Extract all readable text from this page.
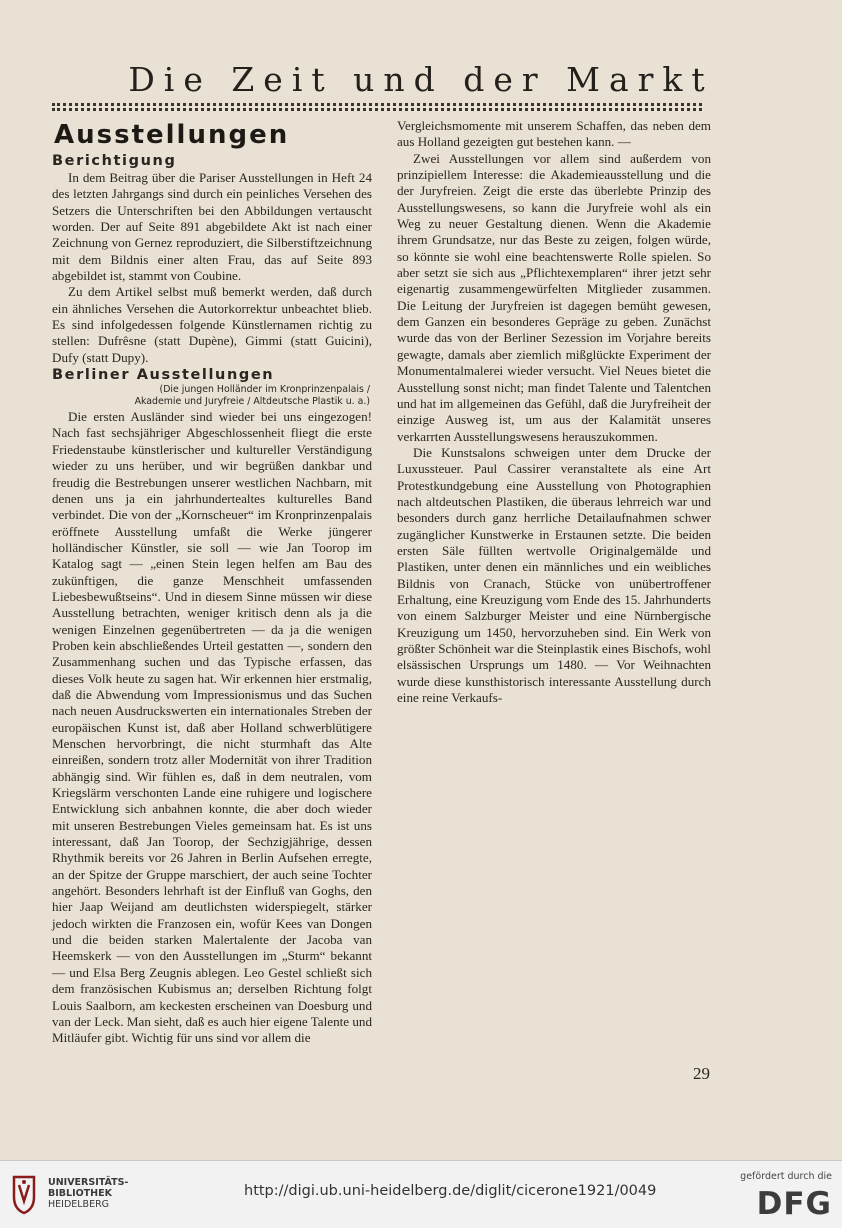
Die Zeit und der Markt
Ausstellungen
Berichtigung

In dem Beitrag über die Pariser Ausstellungen in Heft 24 des letzten Jahrgangs sind durch ein peinliches Versehen des Setzers die Unterschriften bei den Abbildungen vertauscht worden. Der auf Seite 891 abgebildete Akt ist nach einer Zeichnung von Gernez reproduziert, die Silberstiftzeichnung mit dem Bildnis einer alten Frau, das auf Seite 893 abgebildet ist, stammt von Coubine.

Zu dem Artikel selbst muß bemerkt werden, daß durch ein ähnliches Versehen die Autorkorrektur unbeachtet blieb. Es sind infolgedessen folgende Künstlernamen richtig zu stellen: Dufrêsne (statt Dupène), Gimmi (statt Guicini), Dufy (statt Dupy).

Berliner Ausstellungen
(Die jungen Holländer im Kronprinzenpalais /
Akademie und Juryfreie / Altdeutsche Plastik u. a.)

Die ersten Ausländer sind wieder bei uns eingezogen! Nach fast sechsjähriger Abgeschlossenheit fliegt die erste Friedenstaube künstlerischer und kultureller Verständigung wieder zu uns herüber, und wir begrüßen dankbar und freudig die Bestrebungen unserer westlichen Nachbarn, mit denen uns ja ein jahrhundertealtes kulturelles Band verbindet. Die von der „Kornscheuer“ im Kronprinzenpalais eröffnete Ausstellung umfaßt die Werke jüngerer holländischer Künstler, sie soll — wie Jan Toorop im Katalog sagt — „einen Stein legen helfen am Bau des zukünftigen, die ganze Menschheit umfassenden Liebesbewußtseins“. Und in diesem Sinne müssen wir diese Ausstellung betrachten, weniger kritisch denn als ja die wenigen Einzelnen gegenübertreten — da ja die wenigen Proben kein abschließendes Urteil gestatten —, sondern den Zusammenhang suchen und das Typische erfassen, das dieses Volk heute zu sagen hat. Wir erkennen hier erstmalig, daß die Abwendung vom Impressionismus und das Suchen nach neuen Ausdruckswerten ein internationales Streben der europäischen Kunst ist, daß aber Holland schwerblütigere Menschen hervorbringt, die nicht sturmhaft das Alte einreißen, sondern trotz aller Modernität von ihrer Tradition abhängig sind. Wir fühlen es, daß in dem neutralen, vom Kriegslärm verschonten Lande eine ruhigere und logischere Entwicklung sich anbahnen konnte, die aber doch wieder mit unseren Bestrebungen Vieles gemeinsam hat. Es ist uns interessant, daß Jan Toorop, der Sechzigjährige, dessen Rhythmik bereits vor 26 Jahren in Berlin Aufsehen erregte, an der Spitze der Gruppe marschiert, der auch seine Tochter angehört. Besonders lehrhaft ist der Einfluß van Goghs, den hier Jaap Weijand am deutlichsten widerspiegelt, stärker jedoch wirkten die Franzosen ein, wofür Kees van Dongen und die beiden starken Malertalente der Jacoba van Heemskerk — von den Ausstellungen im „Sturm“ bekannt — und Elsa Berg Zeugnis ablegen. Leo Gestel schließt sich dem französischen Kubismus an; derselben Richtung folgt Louis Saalborn, am keckesten erscheinen van Doesburg und van der Leck. Man sieht, daß es auch hier eigene Talente und Mitläufer gibt. Wichtig für uns sind vor allem die

Vergleichsmomente mit unserem Schaffen, das neben dem aus Holland gezeigten gut bestehen kann. —

Zwei Ausstellungen vor allem sind außerdem von prinzipiellem Interesse: die Akademieausstellung und die der Juryfreien. Zeigt die erste das überlebte Prinzip des Ausstellungswesens, so kann die Juryfreie wohl als ein Weg zu neuer Gestaltung dienen. Wenn die Akademie ihrem Grundsatze, nur das Beste zu zeigen, folgen würde, so könnte sie wohl eine beachtenswerte Rolle spielen. So aber setzt sie sich aus „Pflichtexemplaren“ ihrer jetzt sehr eigenartig zusammengewürfelten Mitglieder zusammen. Die Leitung der Juryfreien ist dagegen bemüht gewesen, dem Ganzen ein besonderes Gepräge zu geben. Zunächst wurde das von der Berliner Sezession im Vorjahre bereits gewagte, damals aber ziemlich mißglückte Experiment der Monumentalmalerei wieder versucht. Viel Neues bietet die Ausstellung sonst nicht; man findet Talente und Talentchen und hat im allgemeinen das Gefühl, daß die Juryfreiheit der einzige Ausweg ist, um aus der Kalamität unseres verkarrten Ausstellungswesens herauszukommen.

Die Kunstsalons schweigen unter dem Drucke der Luxussteuer. Paul Cassirer veranstaltete als eine Art Protestkundgebung eine Ausstellung von Photographien nach altdeutschen Plastiken, die überaus lehrreich war und besonders durch ganz herrliche Detailaufnahmen schwer zugänglicher Kunstwerke in Erstaunen setzte. Die beiden ersten Säle füllten wertvolle Originalgemälde und Plastiken, unter denen ein männliches und ein weibliches Bildnis von Cranach, Stücke von unübertroffener Erhaltung, eine Kreuzigung vom Ende des 15. Jahrhunderts von einem Salzburger Meister und eine Nürnbergische Kreuzigung um 1450, hervorzuheben sind. Ein Werk von größter Schönheit war die Steinplastik eines Bischofs, wohl elsässischen Ursprungs um 1480. — Vor Weihnachten wurde diese kunsthistorisch interessante Ausstellung durch eine reine Verkaufs-

29
UNIVERSITÄTS-
BIBLIOTHEK
HEIDELBERG
http://digi.ub.uni-heidelberg.de/diglit/cicerone1921/0049
gefördert durch die
DFG
